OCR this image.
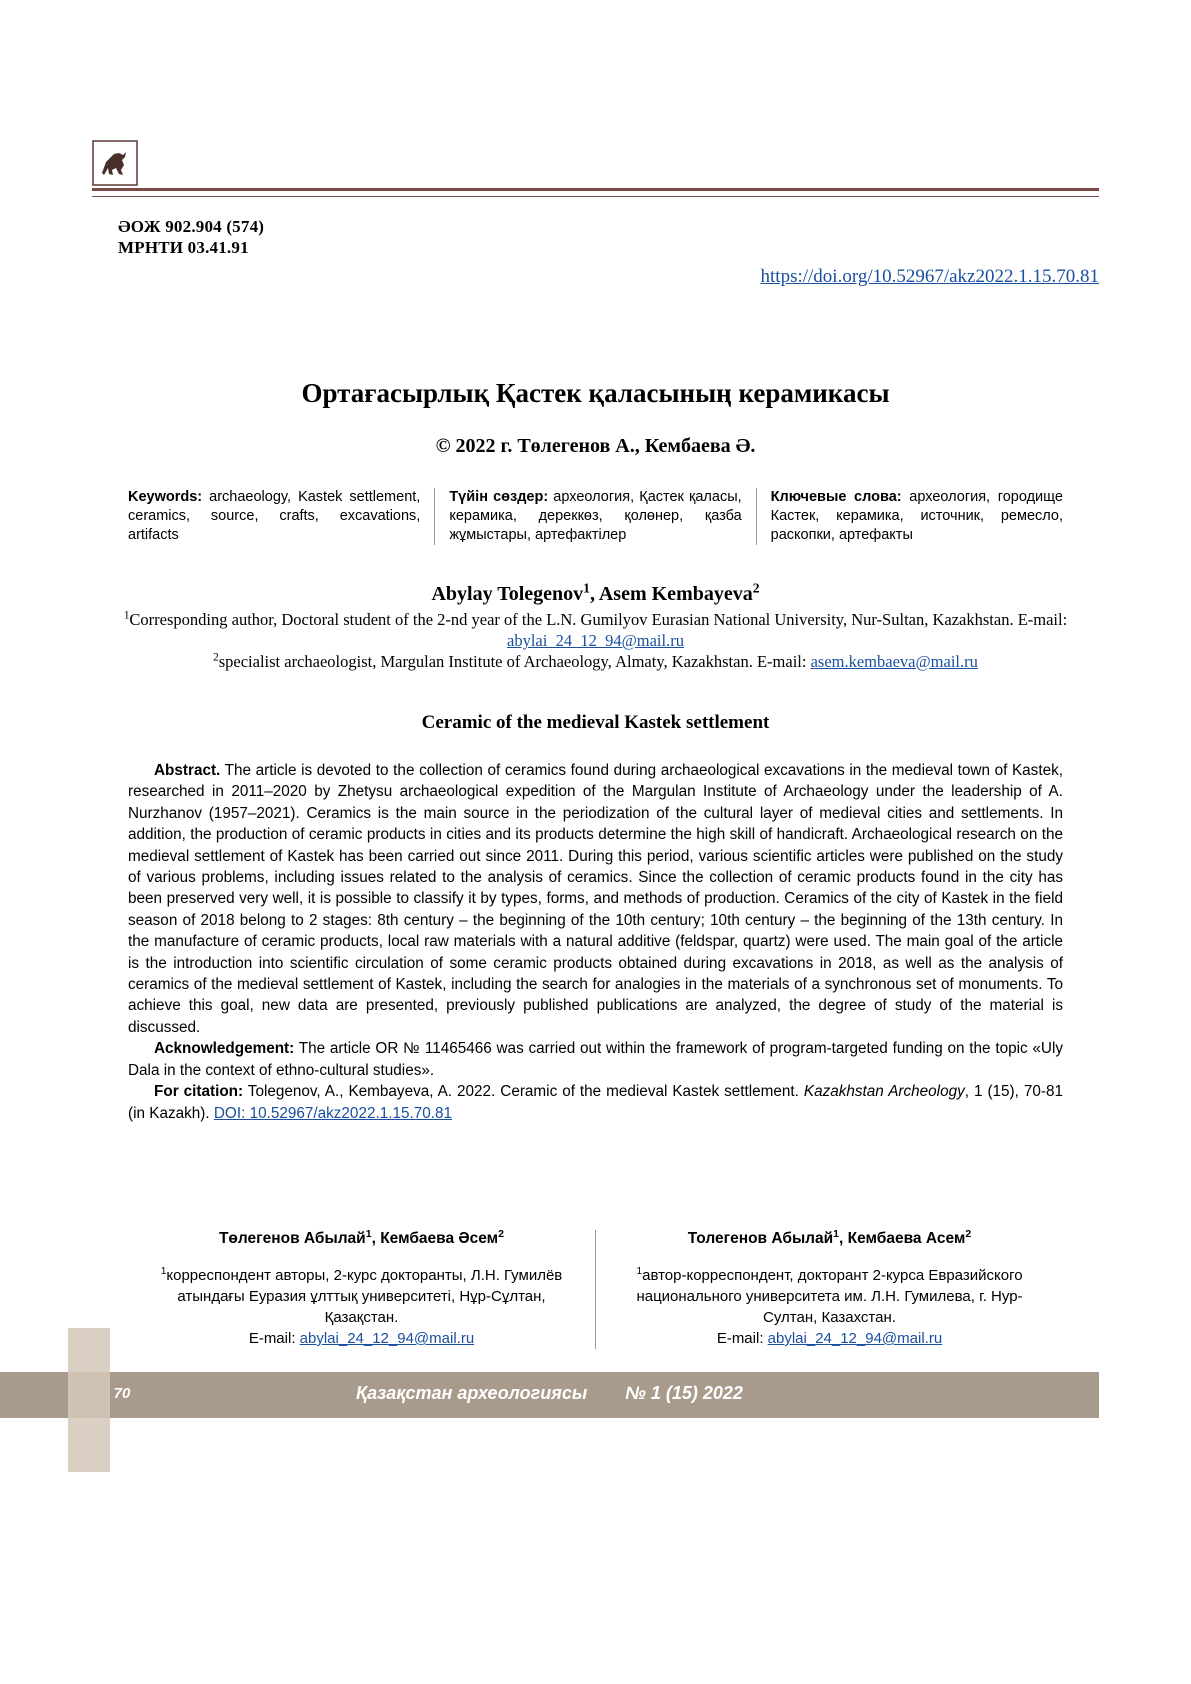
ӘОЖ 902.904 (574)
МРНТИ 03.41.91
https://doi.org/10.52967/akz2022.1.15.70.81
Ортағасырлық Қастек қаласының керамикасы
© 2022 г. Төлегенов А., Кембаева Ә.
Keywords: archaeology, Kastek settlement, ceramics, source, crafts, excavations, artifacts
Түйін сөздер: археология, Қастек қаласы, керамика, дереккөз, қолөнер, қазба жұмыстары, артефактілер
Ключевые слова: археология, городище Кастек, керамика, источник, ремесло, раскопки, артефакты
Abylay Tolegenov$^1$, Asem Kembayeva$^2$
$^1$Corresponding author, Doctoral student of the 2-nd year of the L.N. Gumilyov Eurasian National University, Nur-Sultan, Kazakhstan. E-mail: abylai_24_12_94@mail.ru
$^2$specialist archaeologist, Margulan Institute of Archaeology, Almaty, Kazakhstan. E-mail: asem.kembaeva@mail.ru
Ceramic of the medieval Kastek settlement

Abstract. The article is devoted to the collection of ceramics found during archaeological excavations in the medieval town of Kastek, researched in 2011–2020 by Zhetysu archaeological expedition of the Margulan Institute of Archaeology under the leadership of A. Nurzhanov (1957–2021). Ceramics is the main source in the periodization of the cultural layer of medieval cities and settlements. In addition, the production of ceramic products in cities and its products determine the high skill of handicraft. Archaeological research on the medieval settlement of Kastek has been carried out since 2011. During this period, various scientific articles were published on the study of various problems, including issues related to the analysis of ceramics. Since the collection of ceramic products found in the city has been preserved very well, it is possible to classify it by types, forms, and methods of production. Ceramics of the city of Kastek in the field season of 2018 belong to 2 stages: 8th century – the beginning of the 10th century; 10th century – the beginning of the 13th century. In the manufacture of ceramic products, local raw materials with a natural additive (feldspar, quartz) were used. The main goal of the article is the introduction into scientific circulation of some ceramic products obtained during excavations in 2018, as well as the analysis of ceramics of the medieval settlement of Kastek, including the search for analogies in the materials of a synchronous set of monuments. To achieve this goal, new data are presented, previously published publications are analyzed, the degree of study of the material is discussed.

Acknowledgement: The article OR № 11465466 was carried out within the framework of program-targeted funding on the topic «Uly Dala in the context of ethno-cultural studies».

For citation: Tolegenov, A., Kembayeva, A. 2022. Ceramic of the medieval Kastek settlement. Kazakhstan Archeology, 1 (15), 70-81 (in Kazakh). DOI: 10.52967/akz2022.1.15.70.81

Төлегенов Абылай$^1$, Кембаева Әсем$^2$
$^1$корреспондент авторы, 2-курс докторанты, Л.Н. Гумилёв атындағы Еуразия ұлттық университеті, Нұр-Сұлтан, Қазақстан.
E-mail: abylai_24_12_94@mail.ru
Толегенов Абылай$^1$, Кембаева Асем$^2$
$^1$автор-корреспондент, докторант 2-курса Евразийского национального университета им. Л.Н. Гумилева, г. Нур-Султан, Казахстан.
E-mail: abylai_24_12_94@mail.ru
70	Қазақстан археологиясы № 1 (15) 2022
